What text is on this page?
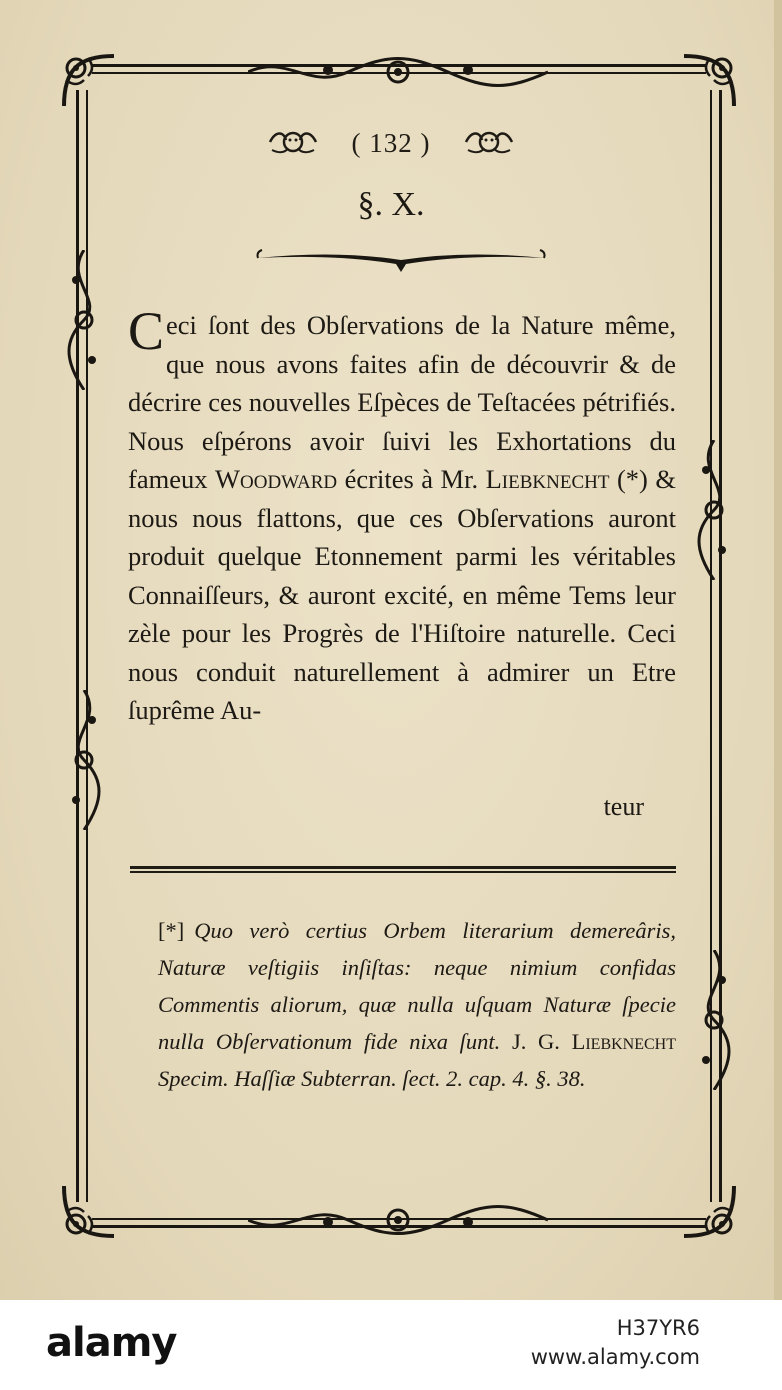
( 132 )
§. X.
Ceci ſont des Obſervations de la Nature même, que nous avons faites afin de découvrir & de décrire ces nouvelles Eſpèces de Teſtacées pétrifiés. Nous eſpérons avoir ſuivi les Exhortations du fameux Woodward écrites à Mr. Liebknecht (*) & nous nous flattons, que ces Obſervations auront produit quelque Etonnement parmi les véritables Connaiſſeurs, & auront excité, en même Tems leur zèle pour les Progrès de l'Hiſtoire naturelle. Ceci nous conduit naturellement à admirer un Etre ſuprême Au-
teur
[*] Quo verò certius Orbem literarium demereâris, Naturæ veſtigiis inſiſtas: neque nimium confidas Commentis aliorum, quæ nulla uſquam Naturæ ſpecie nulla Obſervationum fide nixa ſunt. J. G. Liebknecht Specim. Haſſiæ Subterran. ſect. 2. cap. 4. §. 38.
alamy	H37YR6
www.alamy.com
